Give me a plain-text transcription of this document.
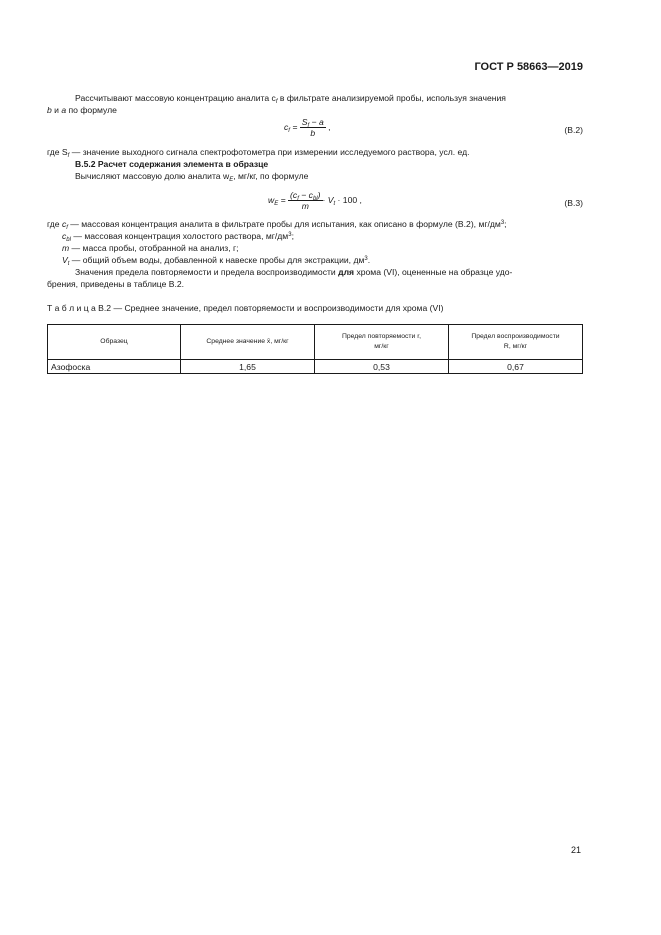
ГОСТ Р 58663—2019
Рассчитывают массовую концентрацию аналита $c_f$ в фильтрате анализируемой пробы, используя значения
b и a по формуле
$c_f = \frac{S_f - a}{b}$ ,	(B.2)
где $S_f$ — значение выходного сигнала спектрофотометра при измерении исследуемого раствора, усл. ед.
B.5.2 Расчет содержания элемента в образце
Вычисляют массовую долю аналита $w_E$, мг/кг, по формуле
$w_E = \frac{(c_f - c_{bl})}{m} \cdot V_t \cdot 100$ ,	(B.3)
где $c_f$ — массовая концентрация аналита в фильтрате пробы для испытания, как описано в формуле (B.2), $мг/дм^3$;
$c_{bl}$ — массовая концентрация холостого раствора, $мг/дм^3$;
m — масса пробы, отобранной на анализ, г;
$V_t$ — общий объем воды, добавленной к навеске пробы для экстракции, $дм^3$.
Значения предела повторяемости и предела воспроизводимости для хрома (VI), оцененные на образце удо-
брения, приведены в таблице B.2.
Т а б л и ц а B.2 — Среднее значение, предел повторяемости и воспроизводимости для хрома (VI)
Образец	Среднее значение x̄, мг/кг	Предел повторяемости r,
мг/кг	Предел воспроизводимости
R, мг/кг
Азофоска	1,65	0,53	0,67
21
